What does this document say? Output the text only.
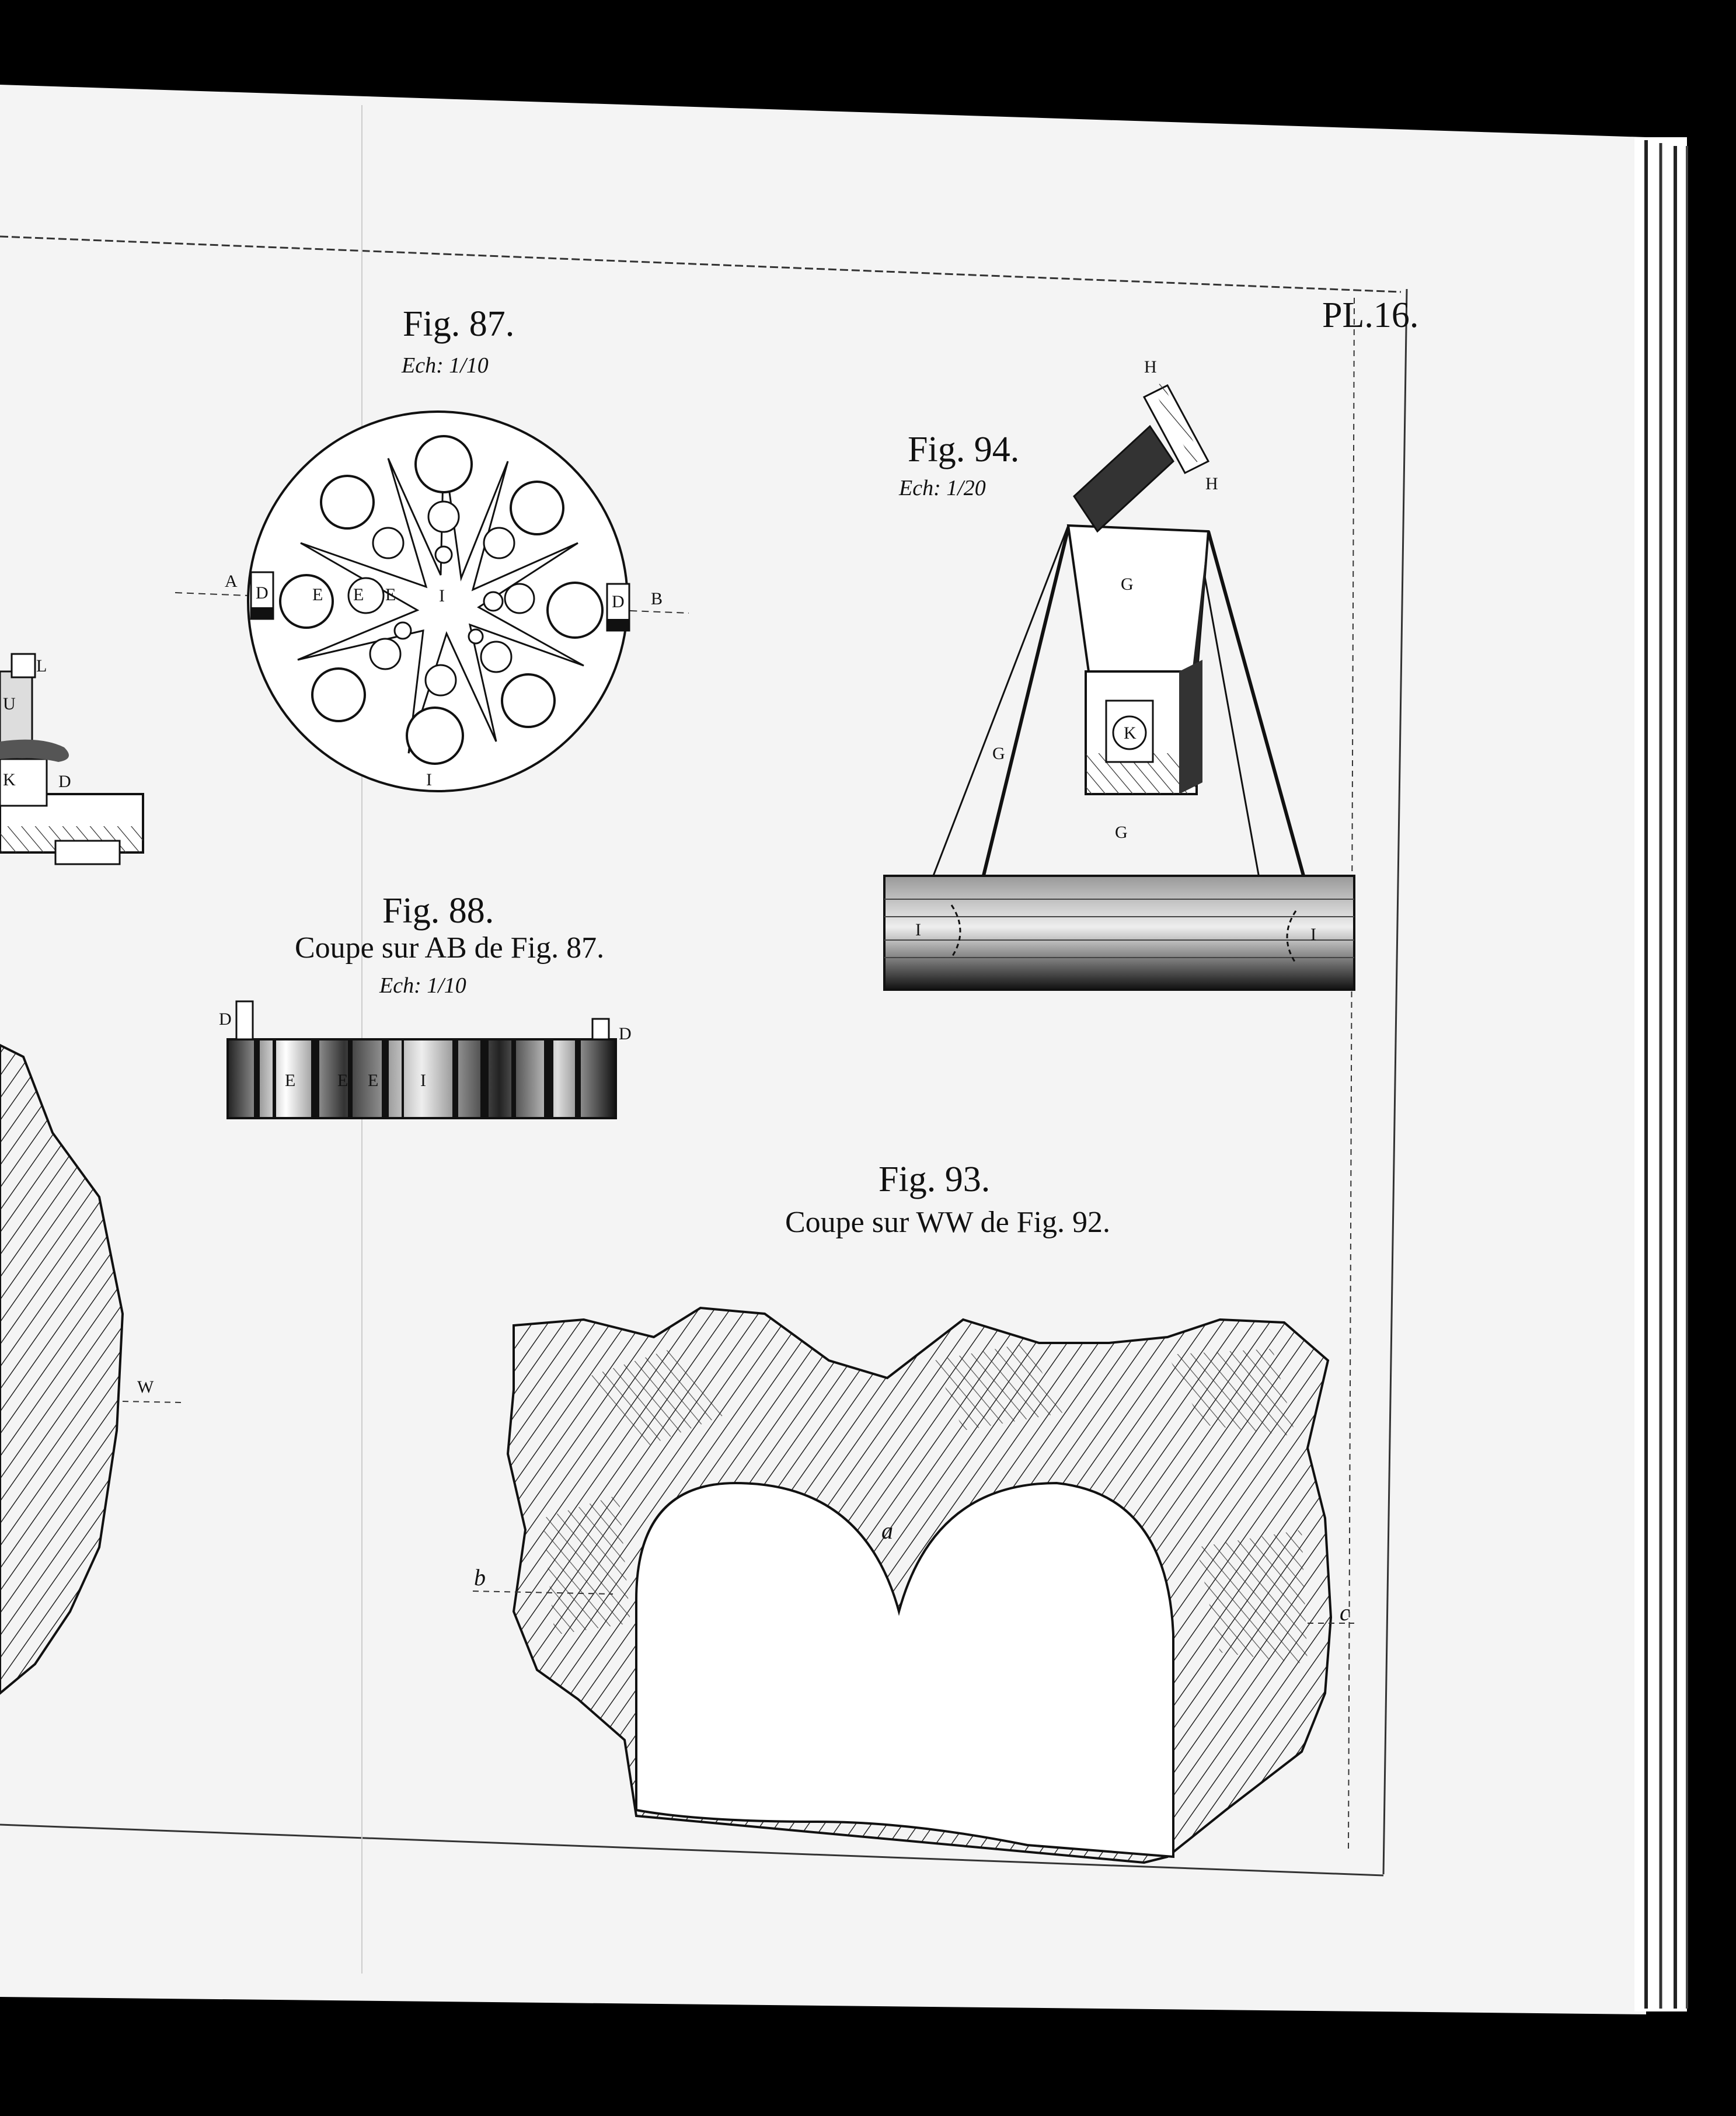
PL.16.
Fig. 87.
Ech: 1/10
A
B
D	D
E E E I
I
Fig. 88.
Coupe sur AB de Fig. 87.
Ech: 1/10
D
D
E E E I
Fig. 94.
Ech: 1/20
H
H
G
G
G
K
I	I
Fig. 93.
Coupe sur WW de Fig. 92.
a
b
c
L
U
K D
W
